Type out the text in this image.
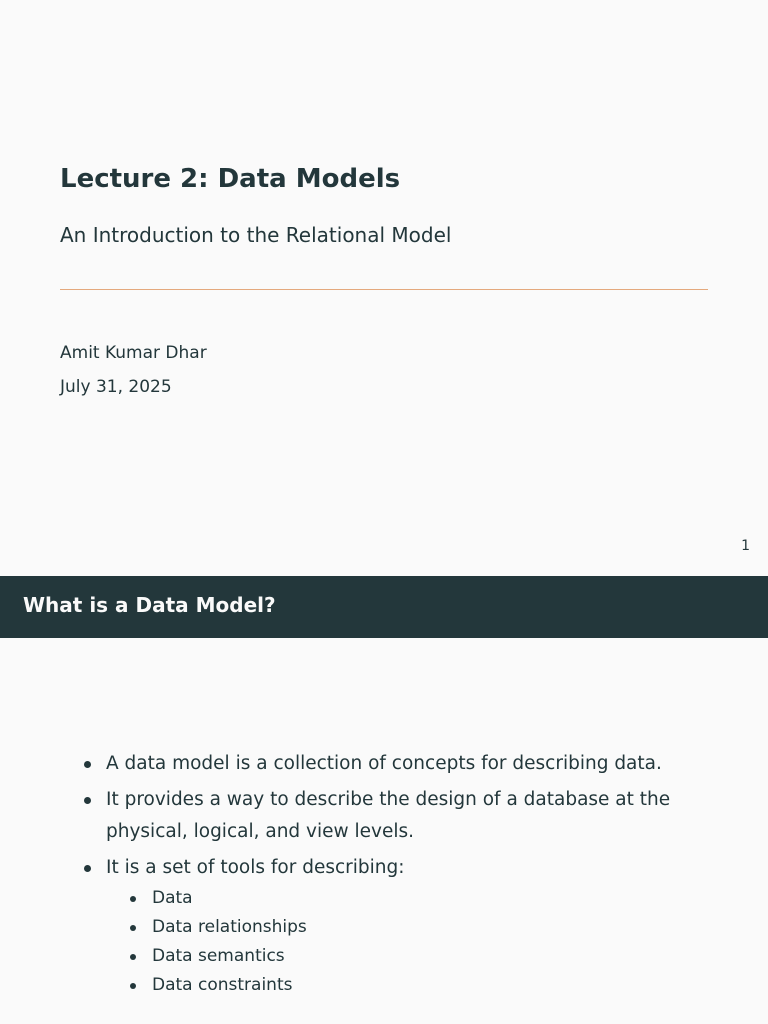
Lecture 2: Data Models
An Introduction to the Relational Model
Amit Kumar Dhar
July 31, 2025
1
What is a Data Model?
A data model is a collection of concepts for describing data.
It provides a way to describe the design of a database at the physical, logical, and view levels.
It is a set of tools for describing:
Data
Data relationships
Data semantics
Data constraints
